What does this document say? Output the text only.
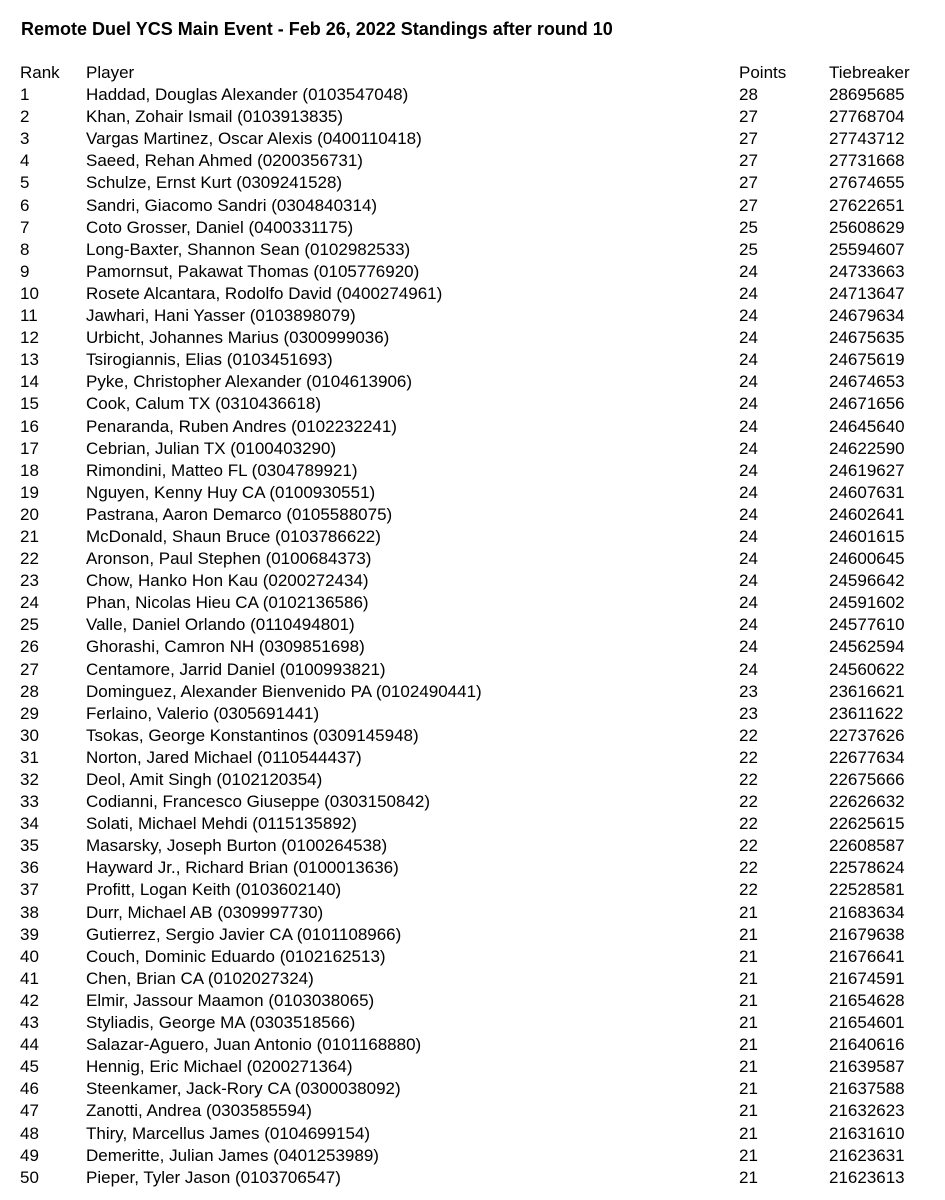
Remote Duel YCS Main Event - Feb 26, 2022 Standings after round 10
Rank Player	Points	Tiebreaker
1	Haddad, Douglas Alexander (0103547048)	28	28695685
2	Khan, Zohair Ismail (0103913835)	27	27768704
3	Vargas Martinez, Oscar Alexis (0400110418)	27	27743712
4	Saeed, Rehan Ahmed (0200356731)	27	27731668
5	Schulze, Ernst Kurt (0309241528)	27	27674655
6	Sandri, Giacomo Sandri (0304840314)	27	27622651
7	Coto Grosser, Daniel (0400331175)	25	25608629
8	Long-Baxter, Shannon Sean (0102982533)	25	25594607
9	Pamornsut, Pakawat Thomas (0105776920)	24	24733663
10	Rosete Alcantara, Rodolfo David (0400274961)	24	24713647
11	Jawhari, Hani Yasser (0103898079)	24	24679634
12	Urbicht, Johannes Marius (0300999036)	24	24675635
13	Tsirogiannis, Elias (0103451693)	24	24675619
14	Pyke, Christopher Alexander (0104613906)	24	24674653
15	Cook, Calum TX (0310436618)	24	24671656
16	Penaranda, Ruben Andres (0102232241)	24	24645640
17	Cebrian, Julian TX (0100403290)	24	24622590
18	Rimondini, Matteo FL (0304789921)	24	24619627
19	Nguyen, Kenny Huy CA (0100930551)	24	24607631
20	Pastrana, Aaron Demarco (0105588075)	24	24602641
21	McDonald, Shaun Bruce (0103786622)	24	24601615
22	Aronson, Paul Stephen (0100684373)	24	24600645
23	Chow, Hanko Hon Kau (0200272434)	24	24596642
24	Phan, Nicolas Hieu CA (0102136586)	24	24591602
25	Valle, Daniel Orlando (0110494801)	24	24577610
26	Ghorashi, Camron NH (0309851698)	24	24562594
27	Centamore, Jarrid Daniel (0100993821)	24	24560622
28	Dominguez, Alexander Bienvenido PA (0102490441)	23	23616621
29	Ferlaino, Valerio (0305691441)	23	23611622
30	Tsokas, George Konstantinos (0309145948)	22	22737626
31	Norton, Jared Michael (0110544437)	22	22677634
32	Deol, Amit Singh (0102120354)	22	22675666
33	Codianni, Francesco Giuseppe (0303150842)	22	22626632
34	Solati, Michael Mehdi (0115135892)	22	22625615
35	Masarsky, Joseph Burton (0100264538)	22	22608587
36	Hayward Jr., Richard Brian (0100013636)	22	22578624
37	Profitt, Logan Keith (0103602140)	22	22528581
38	Durr, Michael AB (0309997730)	21	21683634
39	Gutierrez, Sergio Javier CA (0101108966)	21	21679638
40	Couch, Dominic Eduardo (0102162513)	21	21676641
41	Chen, Brian CA (0102027324)	21	21674591
42	Elmir, Jassour Maamon (0103038065)	21	21654628
43	Styliadis, George MA (0303518566)	21	21654601
44	Salazar-Aguero, Juan Antonio (0101168880)	21	21640616
45	Hennig, Eric Michael (0200271364)	21	21639587
46	Steenkamer, Jack-Rory CA (0300038092)	21	21637588
47	Zanotti, Andrea (0303585594)	21	21632623
48	Thiry, Marcellus James (0104699154)	21	21631610
49	Demeritte, Julian James (0401253989)	21	21623631
50	Pieper, Tyler Jason (0103706547)	21	21623613
